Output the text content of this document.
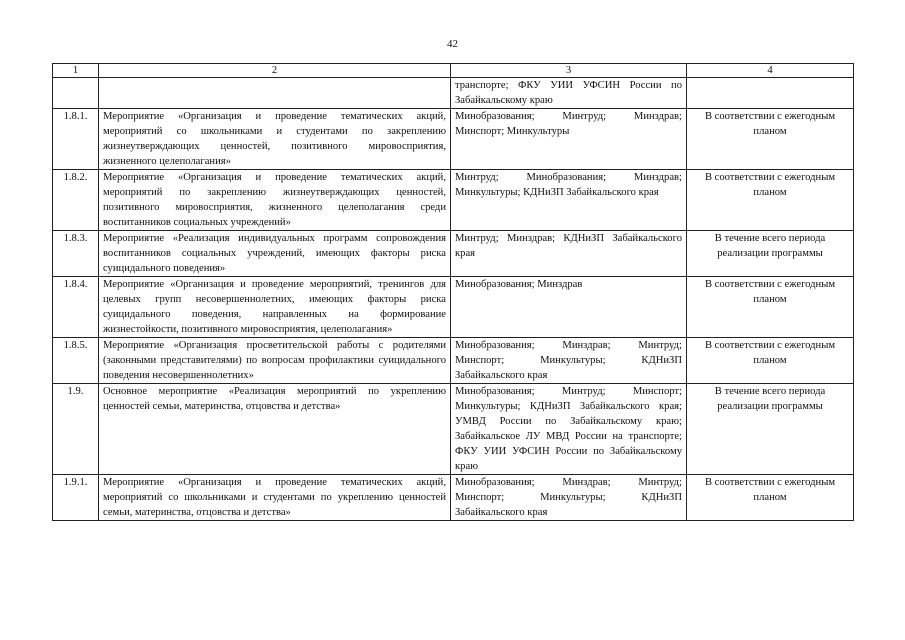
42
1	2	3	4
		транспорте; ФКУ УИИ УФСИН России по Забайкальскому краю	
1.8.1.	Мероприятие «Организация и проведение тематических акций, мероприятий со школьниками и студентами по закреплению жизнеутверждающих ценностей, позитивного мировосприятия, жизненного целеполагания»	Минобразования; Минтруд; Минздрав; Минспорт; Минкультуры	В соответствии с ежегодным планом
1.8.2.	Мероприятие «Организация и проведение тематических акций, мероприятий по закреплению жизнеутверждающих ценностей, позитивного мировосприятия, жизненного целеполагания среди воспитанников социальных учреждений»	Минтруд; Минобразования; Минздрав; Минкультуры; КДНиЗП Забайкальского края	В соответствии с ежегодным планом
1.8.3.	Мероприятие «Реализация индивидуальных программ сопровождения воспитанников социальных учреждений, имеющих факторы риска суицидального поведения»	Минтруд; Минздрав; КДНиЗП Забайкальского края	В течение всего периода реализации программы
1.8.4.	Мероприятие «Организация и проведение мероприятий, тренингов для целевых групп несовершеннолетних, имеющих факторы риска суицидального поведения, направленных на формирование жизнестойкости, позитивного мировосприятия, целеполагания»	Минобразования; Минздрав	В соответствии с ежегодным планом
1.8.5.	Мероприятие «Организация просветительской работы с родителями (законными представителями) по вопросам профилактики суицидального поведения несовершеннолетних»	Минобразования; Минздрав; Минтруд; Минспорт; Минкультуры; КДНиЗП Забайкальского края	В соответствии с ежегодным планом
1.9.	Основное мероприятие «Реализация мероприятий по укреплению ценностей семьи, материнства, отцовства и детства»	Минобразования; Минтруд; Минспорт; Минкультуры; КДНиЗП Забайкальского края; УМВД России по Забайкальскому краю; Забайкальское ЛУ МВД России на транспорте; ФКУ УИИ УФСИН России по Забайкальскому краю	В течение всего периода реализации программы
1.9.1.	Мероприятие «Организация и проведение тематических акций, мероприятий со школьниками и студентами по укреплению ценностей семьи, материнства, отцовства и детства»	Минобразования; Минздрав; Минтруд; Минспорт; Минкультуры; КДНиЗП Забайкальского края	В соответствии с ежегодным планом
